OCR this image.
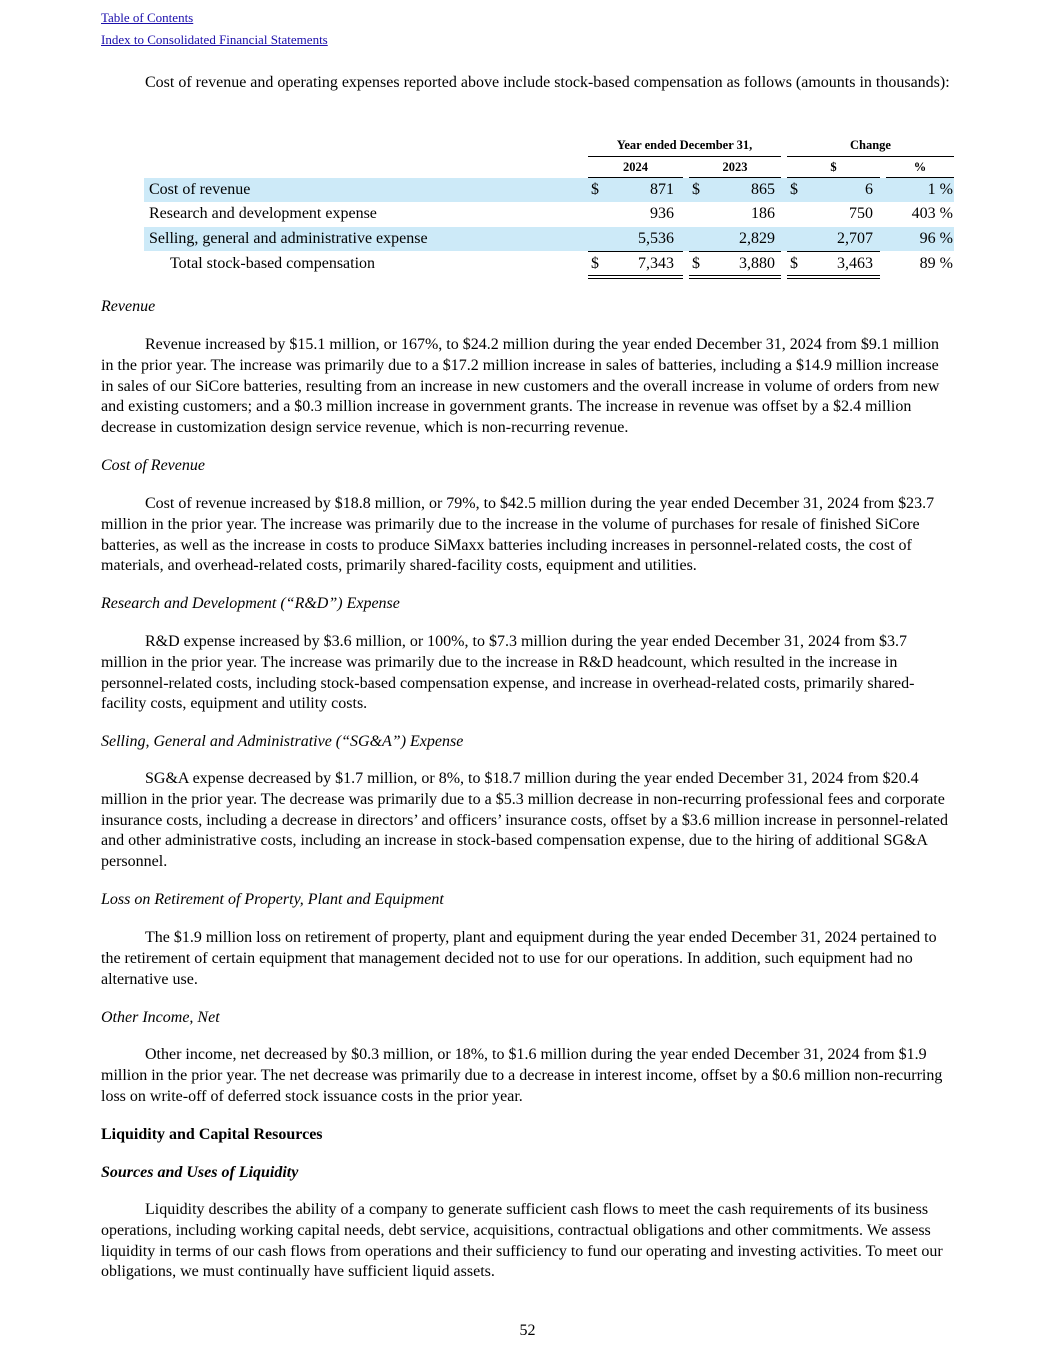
Table of Contents
Index to Consolidated Financial Statements

Cost of revenue and operating expenses reported above include stock-based compensation as follows (amounts in thousands):

Year ended December 31,	Change
2024	2023	$	%
Cost of revenue	$	871 $	865 $	6	1 %
Research and development expense	936	186	750 403 %
Selling, general and administrative expense	5,536	2,829	2,707	96 %
Total stock-based compensation	$ 7,343 $ 3,880 $ 3,463	89 %

Revenue

Revenue increased by $15.1 million, or 167%, to $24.2 million during the year ended December 31, 2024 from $9.1 million in the prior year. The increase was primarily due to a $17.2 million increase in sales of batteries, including a $14.9 million increase in sales of our SiCore batteries, resulting from an increase in new customers and the overall increase in volume of orders from new and existing customers; and a $0.3 million increase in government grants. The increase in revenue was offset by a $2.4 million decrease in customization design service revenue, which is non-recurring revenue.

Cost of Revenue

Cost of revenue increased by $18.8 million, or 79%, to $42.5 million during the year ended December 31, 2024 from $23.7 million in the prior year. The increase was primarily due to the increase in the volume of purchases for resale of finished SiCore batteries, as well as the increase in costs to produce SiMaxx batteries including increases in personnel-related costs, the cost of materials, and overhead-related costs, primarily shared-facility costs, equipment and utilities.

Research and Development (“R&D”) Expense

R&D expense increased by $3.6 million, or 100%, to $7.3 million during the year ended December 31, 2024 from $3.7 million in the prior year. The increase was primarily due to the increase in R&D headcount, which resulted in the increase in personnel-related costs, including stock-based compensation expense, and increase in overhead-related costs, primarily shared-facility costs, equipment and utility costs.

Selling, General and Administrative (“SG&A”) Expense

SG&A expense decreased by $1.7 million, or 8%, to $18.7 million during the year ended December 31, 2024 from $20.4 million in the prior year. The decrease was primarily due to a $5.3 million decrease in non-recurring professional fees and corporate insurance costs, including a decrease in directors’ and officers’ insurance costs, offset by a $3.6 million increase in personnel-related and other administrative costs, including an increase in stock-based compensation expense, due to the hiring of additional SG&A personnel.

Loss on Retirement of Property, Plant and Equipment

The $1.9 million loss on retirement of property, plant and equipment during the year ended December 31, 2024 pertained to the retirement of certain equipment that management decided not to use for our operations. In addition, such equipment had no alternative use.

Other Income, Net

Other income, net decreased by $0.3 million, or 18%, to $1.6 million during the year ended December 31, 2024 from $1.9 million in the prior year. The net decrease was primarily due to a decrease in interest income, offset by a $0.6 million non-recurring loss on write-off of deferred stock issuance costs in the prior year.

Liquidity and Capital Resources

Sources and Uses of Liquidity

Liquidity describes the ability of a company to generate sufficient cash flows to meet the cash requirements of its business operations, including working capital needs, debt service, acquisitions, contractual obligations and other commitments. We assess liquidity in terms of our cash flows from operations and their sufficiency to fund our operating and investing activities. To meet our obligations, we must continually have sufficient liquid assets.

52
